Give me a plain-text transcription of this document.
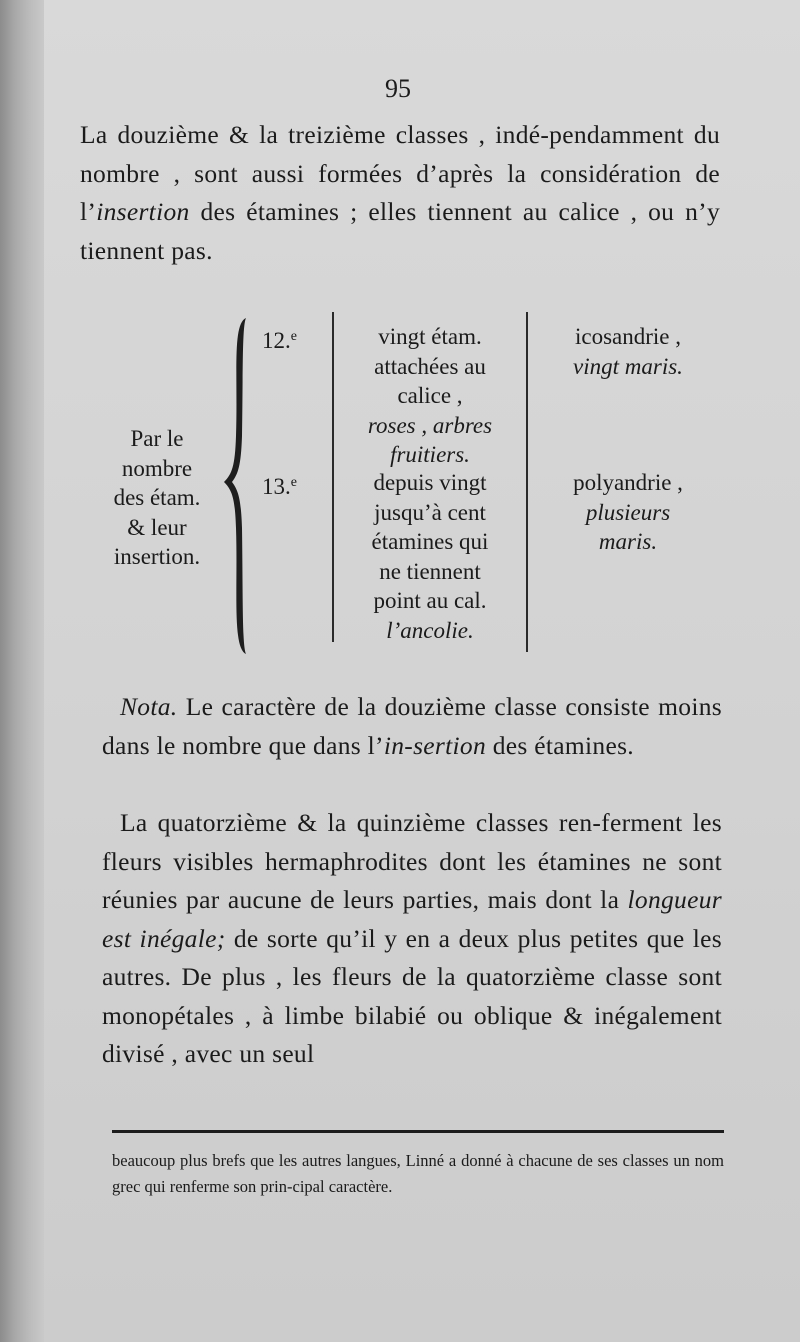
95

La douzième & la treizième classes , indé-pendamment du nombre , sont aussi formées d’après la considération de l’insertion des étamines ; elles tiennent au calice , ou n’y tiennent pas.

Par le
nombre
des étam.
& leur
insertion.
12.$^e$
13.$^e$
vingt étam.
attachées au
calice ,
roses , arbres
fruitiers.
depuis vingt
jusqu’à cent
étamines qui
ne tiennent
point au cal.
l’ancolie.
icosandrie ,
vingt maris.
polyandrie ,
plusieurs maris.

Nota. Le caractère de la douzième classe consiste moins dans le nombre que dans l’in-sertion des étamines.

La quatorzième & la quinzième classes ren-ferment les fleurs visibles hermaphrodites dont les étamines ne sont réunies par aucune de leurs parties, mais dont la longueur est inégale; de sorte qu’il y en a deux plus petites que les autres. De plus , les fleurs de la quatorzième classe sont monopétales , à limbe bilabié ou oblique & inégalement divisé , avec un seul

beaucoup plus brefs que les autres langues, Linné a donné à chacune de ses classes un nom grec qui renferme son prin-cipal caractère.
